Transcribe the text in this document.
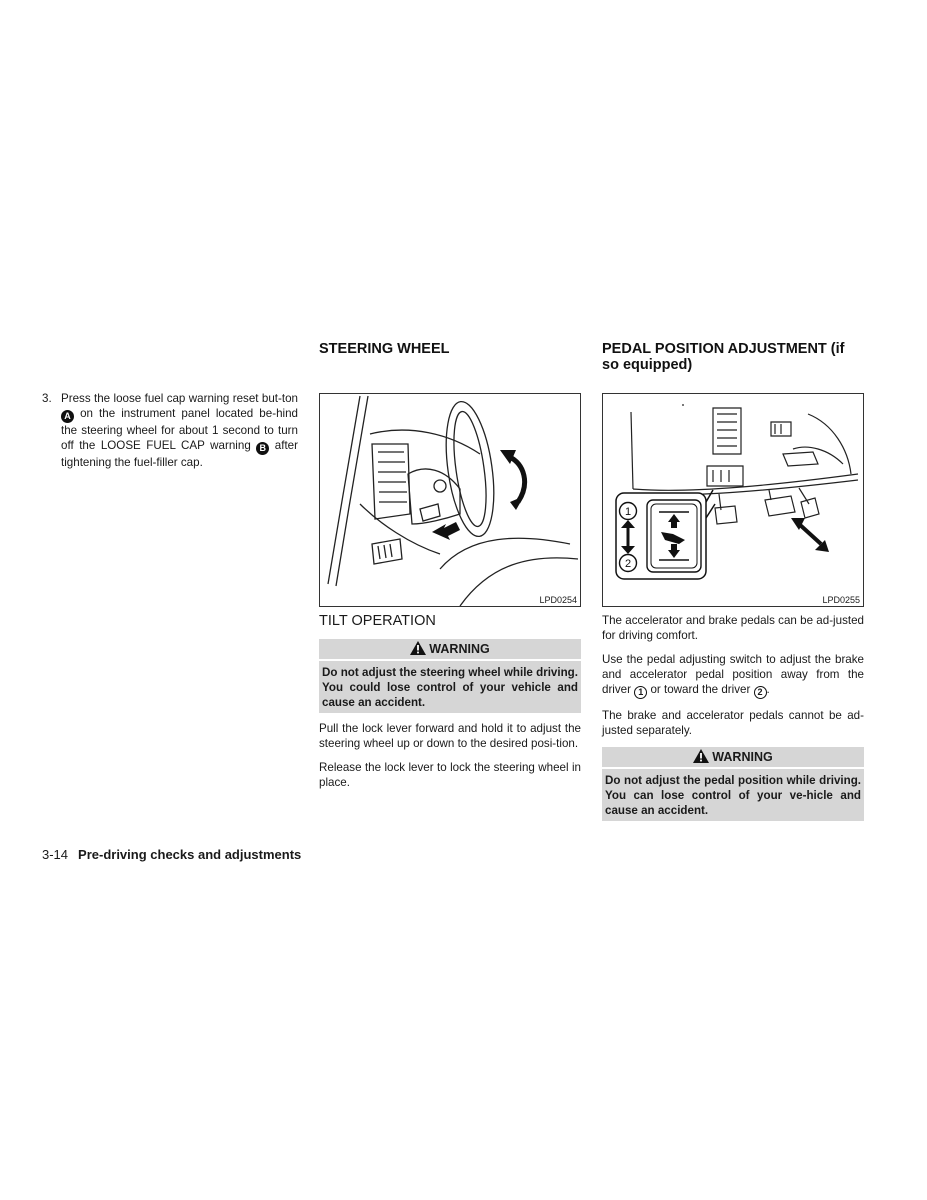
3. Press the loose fuel cap warning reset but-ton A on the instrument panel located be-hind the steering wheel for about 1 second to turn off the LOOSE FUEL CAP warning B after tightening the fuel-filler cap.
STEERING WHEEL
LPD0254
TILT OPERATION
WARNING
Do not adjust the steering wheel while driving. You could lose control of your vehicle and cause an accident.

Pull the lock lever forward and hold it to adjust the steering wheel up or down to the desired posi-tion.

Release the lock lever to lock the steering wheel in place.

PEDAL POSITION ADJUSTMENT (if so equipped)
1
2
LPD0255

The accelerator and brake pedals can be ad-justed for driving comfort.

Use the pedal adjusting switch to adjust the brake and accelerator pedal position away from the driver 1 or toward the driver 2 .

The brake and accelerator pedals cannot be ad-justed separately.

WARNING
Do not adjust the pedal position while driving. You can lose control of your ve-hicle and cause an accident.
3-14 Pre-driving checks and adjustments
